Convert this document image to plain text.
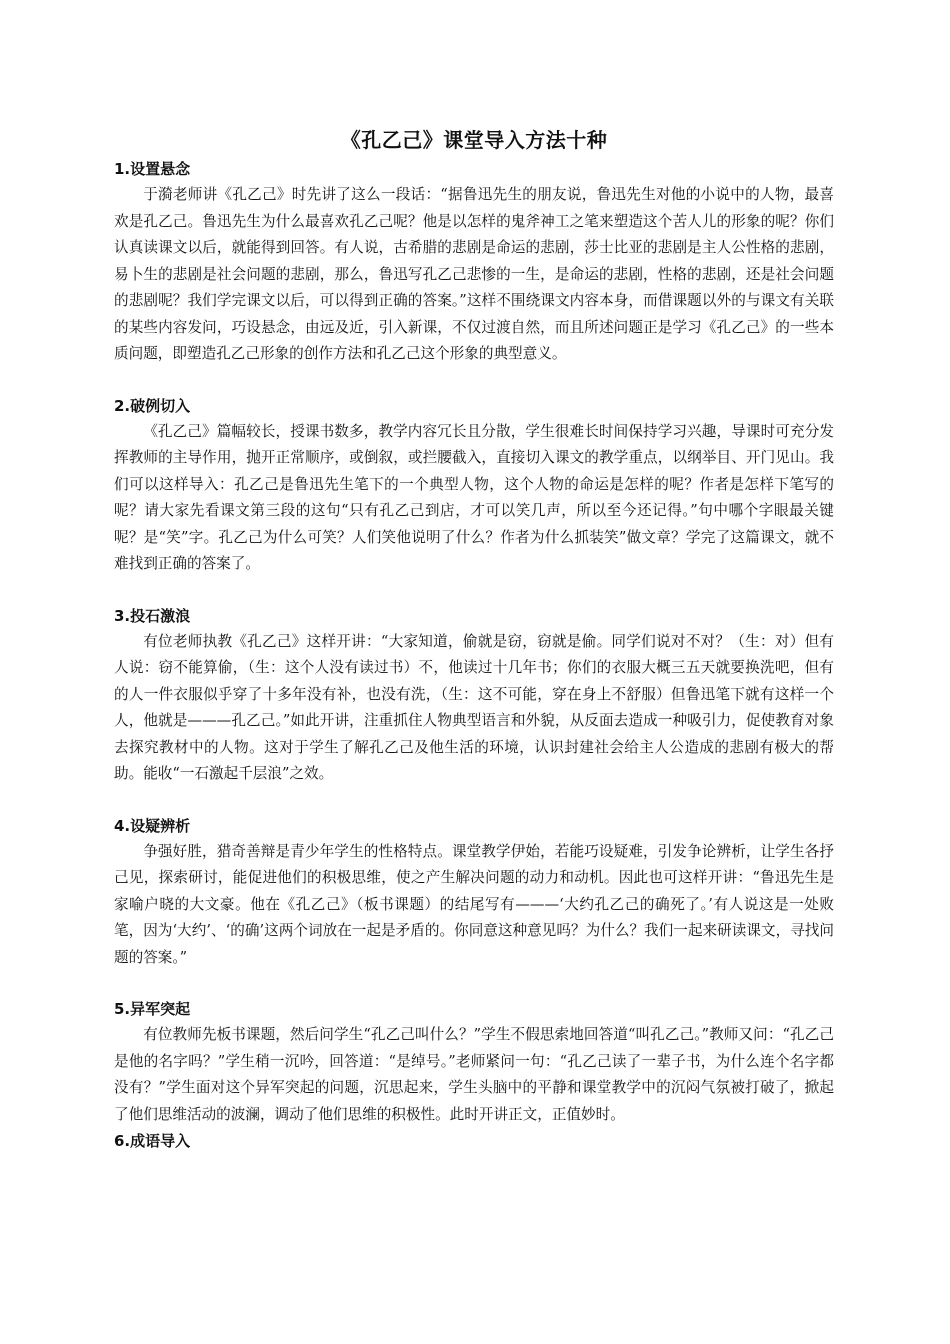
《孔乙己》课堂导入方法十种

1.设置悬念

于漪老师讲《孔乙己》时先讲了这么一段话：“据鲁迅先生的朋友说，鲁迅先生对他的小说中的人物，最喜欢是孔乙己。鲁迅先生为什么最喜欢孔乙己呢？他是以怎样的鬼斧神工之笔来塑造这个苦人儿的形象的呢？你们认真读课文以后，就能得到回答。有人说，古希腊的悲剧是命运的悲剧，莎士比亚的悲剧是主人公性格的悲剧，易卜生的悲剧是社会问题的悲剧，那么，鲁迅写孔乙己悲惨的一生，是命运的悲剧，性格的悲剧，还是社会问题的悲剧呢？我们学完课文以后，可以得到正确的答案。”这样不围绕课文内容本身，而借课题以外的与课文有关联的某些内容发问，巧设悬念，由远及近，引入新课，不仅过渡自然，而且所述问题正是学习《孔乙己》的一些本质问题，即塑造孔乙己形象的创作方法和孔乙己这个形象的典型意义。

2.破例切入

《孔乙己》篇幅较长，授课书数多，教学内容冗长且分散，学生很难长时间保持学习兴趣，导课时可充分发挥教师的主导作用，抛开正常顺序，或倒叙，或拦腰截入，直接切入课文的教学重点，以纲举目、开门见山。我们可以这样导入：孔乙己是鲁迅先生笔下的一个典型人物，这个人物的命运是怎样的呢？作者是怎样下笔写的呢？请大家先看课文第三段的这句“只有孔乙己到店，才可以笑几声，所以至今还记得。”句中哪个字眼最关键呢？是“笑”字。孔乙己为什么可笑？人们笑他说明了什么？作者为什么抓装笑”做文章？学完了这篇课文，就不难找到正确的答案了。

3.投石激浪

有位老师执教《孔乙己》这样开讲：“大家知道，偷就是窃，窃就是偷。同学们说对不对？（生：对）但有人说：窃不能算偷，（生：这个人没有读过书）不，他读过十几年书；你们的衣服大概三五天就要换洗吧，但有的人一件衣服似乎穿了十多年没有补，也没有洗，（生：这不可能，穿在身上不舒服）但鲁迅笔下就有这样一个人，他就是———孔乙己。”如此开讲，注重抓住人物典型语言和外貌，从反面去造成一种吸引力，促使教育对象去探究教材中的人物。这对于学生了解孔乙己及他生活的环境，认识封建社会给主人公造成的悲剧有极大的帮助。能收“一石激起千层浪”之效。

4.设疑辨析

争强好胜，猎奇善辩是青少年学生的性格特点。课堂教学伊始，若能巧设疑难，引发争论辨析，让学生各抒己见，探索研讨，能促进他们的积极思维，使之产生解决问题的动力和动机。因此也可这样开讲：“鲁迅先生是家喻户晓的大文豪。他在《孔乙己》（板书课题）的结尾写有———‘大约孔乙己的确死了。’有人说这是一处败笔，因为‘大约’、‘的确’这两个词放在一起是矛盾的。你同意这种意见吗？为什么？我们一起来研读课文，寻找问题的答案。”

5.异军突起

有位教师先板书课题，然后问学生“孔乙己叫什么？”学生不假思索地回答道“叫孔乙己。”教师又问：“孔乙己是他的名字吗？”学生稍一沉吟，回答道：“是绰号。”老师紧问一句：“孔乙己读了一辈子书，为什么连个名字都没有？”学生面对这个异军突起的问题，沉思起来，学生头脑中的平静和课堂教学中的沉闷气氛被打破了，掀起了他们思维活动的波澜，调动了他们思维的积极性。此时开讲正文，正值妙时。

6.成语导入
